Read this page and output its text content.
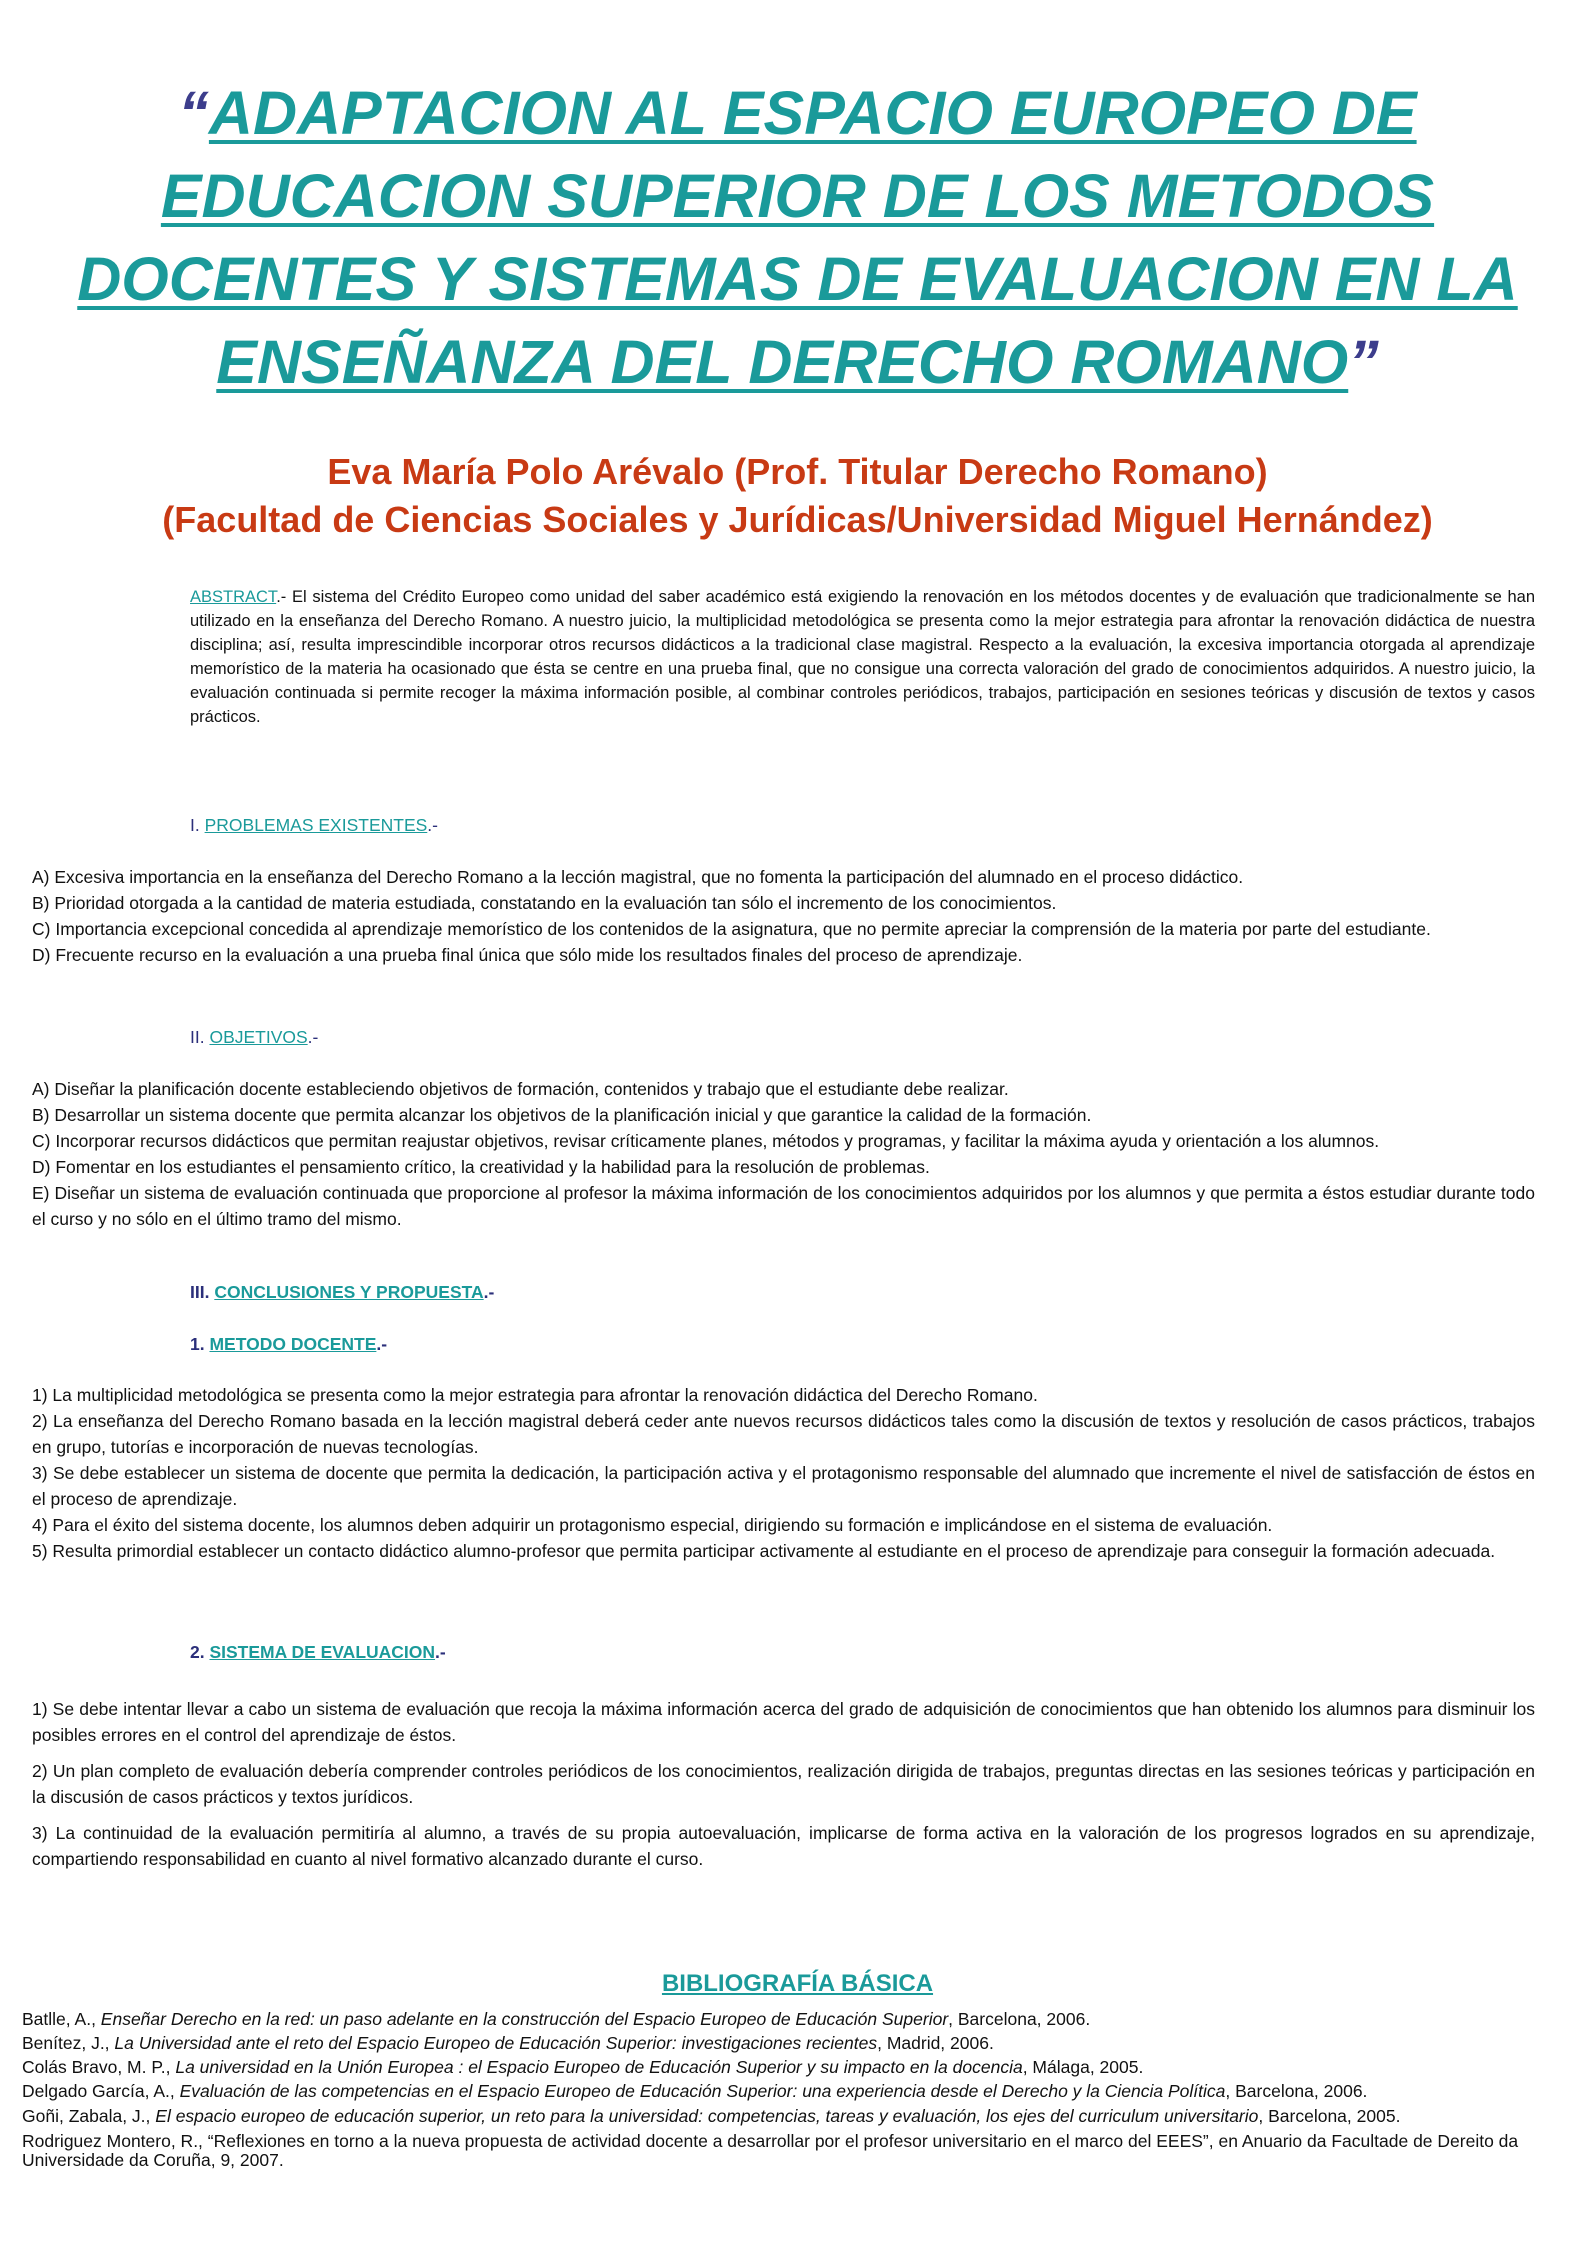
“ADAPTACION AL ESPACIO EUROPEO DE EDUCACION SUPERIOR DE LOS METODOS DOCENTES Y SISTEMAS DE EVALUACION EN LA ENSEÑANZA DEL DERECHO ROMANO”
Eva María Polo Arévalo (Prof. Titular Derecho Romano)
(Facultad de Ciencias Sociales y Jurídicas/Universidad Miguel Hernández)
ABSTRACT.- El sistema del Crédito Europeo como unidad del saber académico está exigiendo la renovación en los métodos docentes y de evaluación que tradicionalmente se han utilizado en la enseñanza del Derecho Romano. A nuestro juicio, la multiplicidad metodológica se presenta como la mejor estrategia para afrontar la renovación didáctica de nuestra disciplina; así, resulta imprescindible incorporar otros recursos didácticos a la tradicional clase magistral. Respecto a la evaluación, la excesiva importancia otorgada al aprendizaje memorístico de la materia ha ocasionado que ésta se centre en una prueba final, que no consigue una correcta valoración del grado de conocimientos adquiridos. A nuestro juicio, la evaluación continuada si permite recoger la máxima información posible, al combinar controles periódicos, trabajos, participación en sesiones teóricas y discusión de textos y casos prácticos.
I. PROBLEMAS EXISTENTES.-

A) Excesiva importancia en la enseñanza del Derecho Romano a la lección magistral, que no fomenta la participación del alumnado en el proceso didáctico.

B) Prioridad otorgada a la cantidad de materia estudiada, constatando en la evaluación tan sólo el incremento de los conocimientos.

C) Importancia excepcional concedida al aprendizaje memorístico de los contenidos de la asignatura, que no permite apreciar la comprensión de la materia por parte del estudiante.

D) Frecuente recurso en la evaluación a una prueba final única que sólo mide los resultados finales del proceso de aprendizaje.

II. OBJETIVOS.-

A) Diseñar la planificación docente estableciendo objetivos de formación, contenidos y trabajo que el estudiante debe realizar.

B) Desarrollar un sistema docente que permita alcanzar los objetivos de la planificación inicial y que garantice la calidad de la formación.

C) Incorporar recursos didácticos que permitan reajustar objetivos, revisar críticamente planes, métodos y programas, y facilitar la máxima ayuda y orientación a los alumnos.

D) Fomentar en los estudiantes el pensamiento crítico, la creatividad y la habilidad para la resolución de problemas.

E) Diseñar un sistema de evaluación continuada que proporcione al profesor la máxima información de los conocimientos adquiridos por los alumnos y que permita a éstos estudiar durante todo el curso y no sólo en el último tramo del mismo.

III. CONCLUSIONES Y PROPUESTA.-
1. METODO DOCENTE.-

1) La multiplicidad metodológica se presenta como la mejor estrategia para afrontar la renovación didáctica del Derecho Romano.

2) La enseñanza del Derecho Romano basada en la lección magistral deberá ceder ante nuevos recursos didácticos tales como la discusión de textos y resolución de casos prácticos, trabajos en grupo, tutorías e incorporación de nuevas tecnologías.

3) Se debe establecer un sistema de docente que permita la dedicación, la participación activa y el protagonismo responsable del alumnado que incremente el nivel de satisfacción de éstos en el proceso de aprendizaje.

4) Para el éxito del sistema docente, los alumnos deben adquirir un protagonismo especial, dirigiendo su formación e implicándose en el sistema de evaluación.

5) Resulta primordial establecer un contacto didáctico alumno-profesor que permita participar activamente al estudiante en el proceso de aprendizaje para conseguir la formación adecuada.

2. SISTEMA DE EVALUACION.-

1) Se debe intentar llevar a cabo un sistema de evaluación que recoja la máxima información acerca del grado de adquisición de conocimientos que han obtenido los alumnos para disminuir los posibles errores en el control del aprendizaje de éstos.

2) Un plan completo de evaluación debería comprender controles periódicos de los conocimientos, realización dirigida de trabajos, preguntas directas en las sesiones teóricas y participación en la discusión de casos prácticos y textos jurídicos.

3) La continuidad de la evaluación permitiría al alumno, a través de su propia autoevaluación, implicarse de forma activa en la valoración de los progresos logrados en su aprendizaje, compartiendo responsabilidad en cuanto al nivel formativo alcanzado durante el curso.

BIBLIOGRAFÍA BÁSICA

Batlle, A., Enseñar Derecho en la red: un paso adelante en la construcción del Espacio Europeo de Educación Superior, Barcelona, 2006.

Benítez, J., La Universidad ante el reto del Espacio Europeo de Educación Superior: investigaciones recientes, Madrid, 2006.

Colás Bravo, M. P., La universidad en la Unión Europea : el Espacio Europeo de Educación Superior y su impacto en la docencia, Málaga, 2005.

Delgado García, A., Evaluación de las competencias en el Espacio Europeo de Educación Superior: una experiencia desde el Derecho y la Ciencia Política, Barcelona, 2006.

Goñi, Zabala, J., El espacio europeo de educación superior, un reto para la universidad: competencias, tareas y evaluación, los ejes del curriculum universitario, Barcelona, 2005.

Rodriguez Montero, R., “Reflexiones en torno a la nueva propuesta de actividad docente a desarrollar por el profesor universitario en el marco del EEES”, en Anuario da Facultade de Dereito da Universidade da Coruña, 9, 2007.
